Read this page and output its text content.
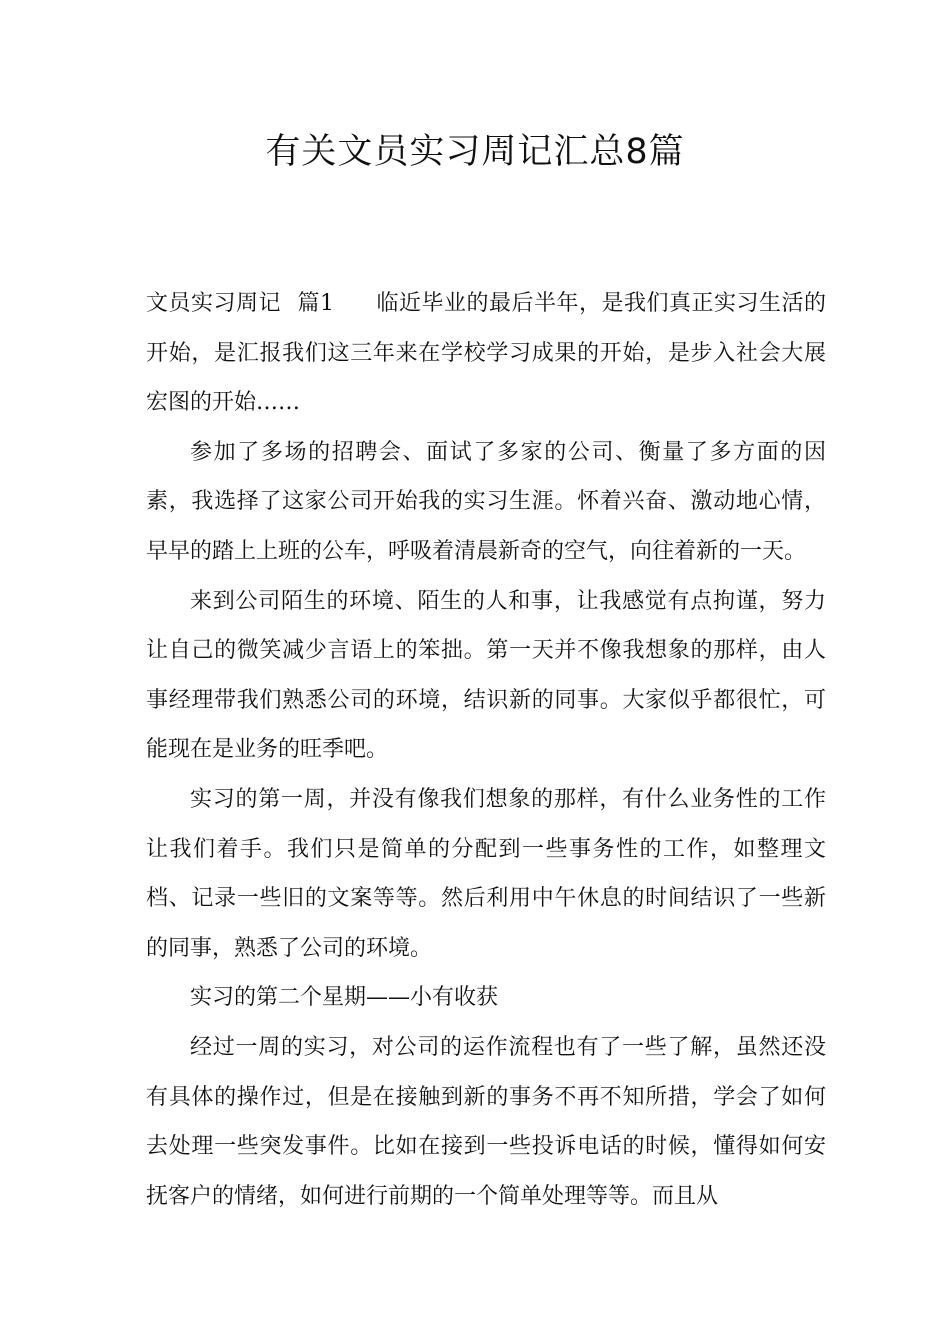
有关文员实习周记汇总8篇

文员实习周记 篇1 临近毕业的最后半年，是我们真正实习生活的开始，是汇报我们这三年来在学校学习成果的开始，是步入社会大展宏图的开始……

参加了多场的招聘会、面试了多家的公司、衡量了多方面的因素，我选择了这家公司开始我的实习生涯。怀着兴奋、激动地心情，早早的踏上上班的公车，呼吸着清晨新奇的空气，向往着新的一天。

来到公司陌生的环境、陌生的人和事，让我感觉有点拘谨，努力让自己的微笑减少言语上的笨拙。第一天并不像我想象的那样，由人事经理带我们熟悉公司的环境，结识新的同事。大家似乎都很忙，可能现在是业务的旺季吧。

实习的第一周，并没有像我们想象的那样，有什么业务性的工作让我们着手。我们只是简单的分配到一些事务性的工作，如整理文档、记录一些旧的文案等等。然后利用中午休息的时间结识了一些新的同事，熟悉了公司的环境。

实习的第二个星期——小有收获

经过一周的实习，对公司的运作流程也有了一些了解，虽然还没有具体的操作过，但是在接触到新的事务不再不知所措，学会了如何去处理一些突发事件。比如在接到一些投诉电话的时候，懂得如何安抚客户的情绪，如何进行前期的一个简单处理等等。而且从
